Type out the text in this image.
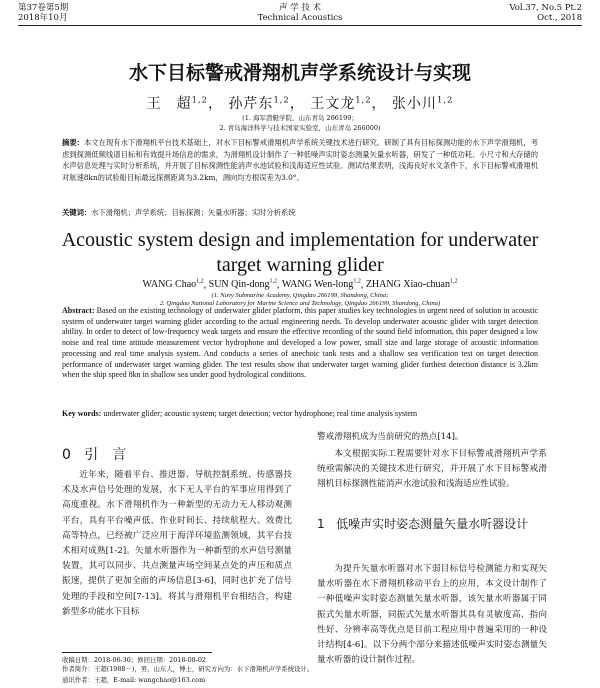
第37卷第5期
2018年10月
声 学 技 术
Technical Acoustics
Vol.37, No.5 Pt.2
Oct., 2018
水下目标警戒滑翔机声学系统设计与实现
王　超$^{1,2}$， 孙芹东$^{1,2}$， 王文龙$^{1,2}$， 张小川$^{1,2}$
(1. 海军潜艇学院，山东青岛 266199；
2. 青岛海洋科学与技术国家实验室，山东青岛 266000)
摘要：本文在现有水下滑翔机平台技术基础上，对水下目标警戒滑翔机声学系统关键技术进行研究。研制了具有目标探测功能的水下声学滑翔机，考虑到探测低频线谱目标和有效提升场信息的需求，为滑翔机设计制作了一种低噪声实时姿态测量矢量水听器，研发了一种低功耗、小尺寸和大存储的水声信息处理与实时分析系统，并开展了目标探测性能消声水池试验和浅海适应性试验。测试结果表明，浅海良好水文条件下，水下目标警戒滑翔机对航速8kn的试验船目标最远探测距离为3.2km，测向均方根误差为3.0°。
关键词：水下滑翔机；声学系统；目标探测；矢量水听器；实时分析系统
Acoustic system design and implementation for underwater target warning glider
WANG Chao$^{1,2}$, SUN Qin-dong$^{1,2}$, WANG Wen-long$^{1,2}$, ZHANG Xiao-chuan$^{1,2}$
(1. Navy Submarine Academy, Qingdao 266199, Shandong, China;
2. Qingdao National Laboratory for Marine Science and Technology, Qingdao 266199, Shandong, China)
Abstract: Based on the existing technology of underwater glider platform, this paper studies key technologies in urgent need of solution in acoustic system of underwater target warning glider according to the actual engineering needs. To develop underwater acoustic glider with target detection ability. In order to detect of low-frequency weak targets and ensure the effective recording of the sound field information, this paper designed a low noise and real time attitude measurement vector hydrophone and developed a low power, small size and large storage of acoustic information processing and real time analysis system. And conducts a series of anechoic tank tests and a shallow sea verification test on target detection performance of underwater target warning glider. The test results show that underwater target warning glider furthest detection distance is 3.2km when the ship speed 8kn in shallow sea under good hydrological conditions.
Key words: underwater glider; acoustic system; target detection; vector hydrophone; real time analysis system
0 引　言
近年来，随着平台、推进器、导航控制系统、传感器技术及水声信号处理的发展，水下无人平台的军事应用得到了高度重视。水下滑翔机作为一种新型的无动力无人移动观测平台，具有平台噪声低、作业时间长、持续航程大、效费比高等特点，已经被广泛应用于海洋环境监测领域，其平台技术相对成熟[1-2]。矢量水听器作为一种新型的水声信号测量装置，其可以同步、共点测量声场空间某点处的声压和质点振速，提供了更加全面的声场信息[3-6]，同时也扩充了信号处理的手段和空间[7-13]。将其与滑翔机平台相结合，构建新型多功能水下目标
警戒滑翔机成为当前研究的热点[14]。
本文根据实际工程需要针对水下目标警戒滑翔机声学系统亟需解决的关键技术进行研究，并开展了水下目标警戒滑翔机目标探测性能消声水池试验和浅海适应性试验。
1 低噪声实时姿态测量矢量水听器设计
为提升矢量水听器对水下弱目标信号检测能力和实现矢量水听器在水下滑翔机移动平台上的应用，本文设计制作了一种低噪声实时姿态测量矢量水听器，该矢量水听器属于同振式矢量水听器，同振式矢量水听器其具有灵敏度高、指向性好、分辨率高等优点是目前工程应用中普遍采用的一种设计结构[4-6]。以下分两个部分来描述低噪声实时姿态测量矢量水听器的设计制作过程。
收稿日期：2018-06-30；修回日期：2018-08-02
作者简介：王超(1988－)，男，山东人，博士，研究方向为：水下滑翔机声学系统设计。
通讯作者：王超，E-mail: wangchao@163.com
